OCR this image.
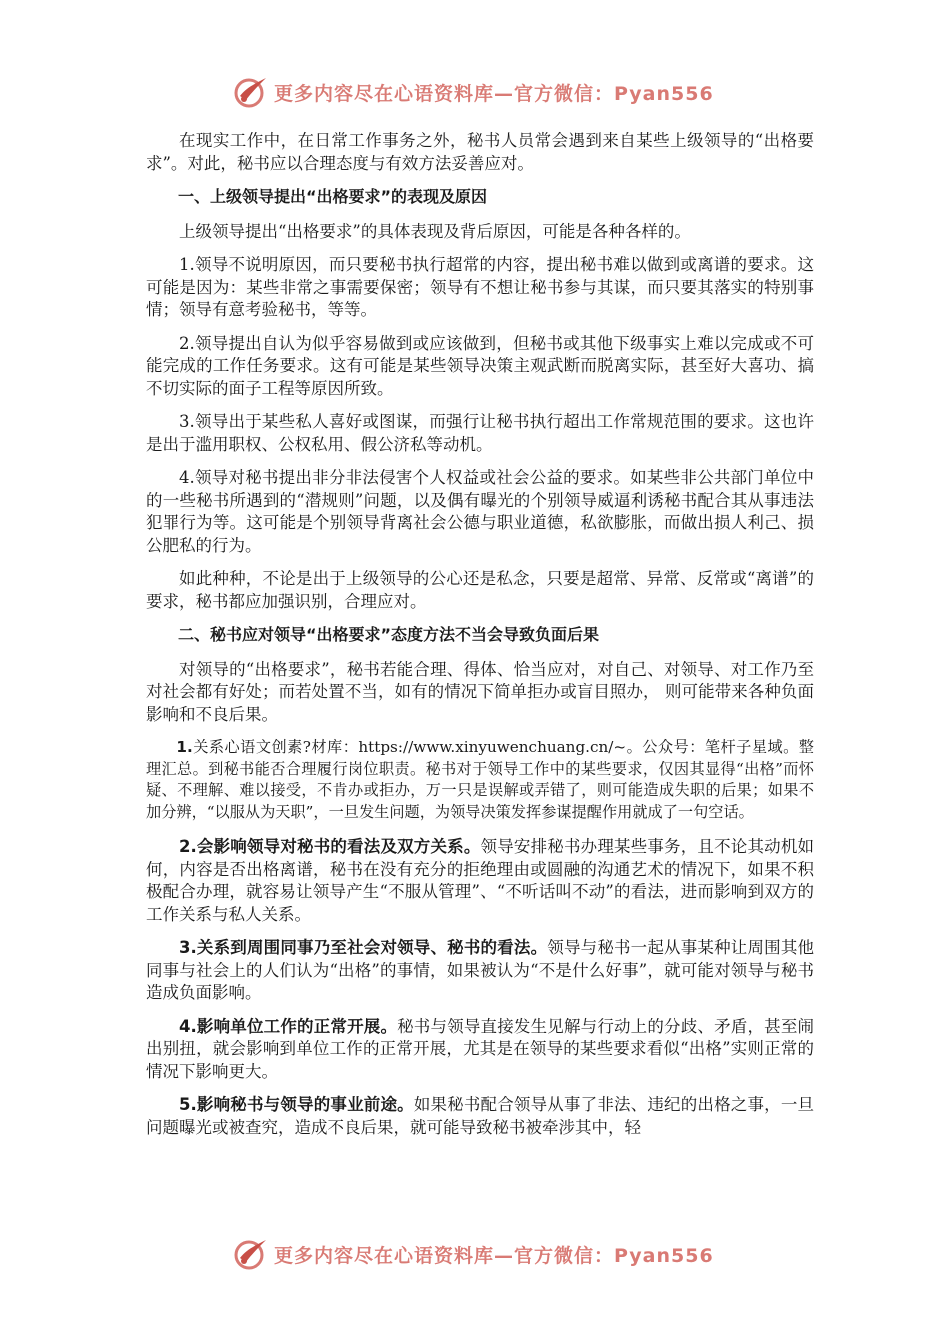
更多内容尽在心语资料库—官方微信：Pyan556

在现实工作中，在日常工作事务之外，秘书人员常会遇到来自某些上级领导的“出格要求”。对此，秘书应以合理态度与有效方法妥善应对。

一、上级领导提出“出格要求”的表现及原因

上级领导提出“出格要求”的具体表现及背后原因，可能是各种各样的。

1.领导不说明原因，而只要秘书执行超常的内容，提出秘书难以做到或离谱的要求。这可能是因为：某些非常之事需要保密；领导有不想让秘书参与其谋，而只要其落实的特别事情；领导有意考验秘书，等等。

2.领导提出自认为似乎容易做到或应该做到，但秘书或其他下级事实上难以完成或不可能完成的工作任务要求。这有可能是某些领导决策主观武断而脱离实际，甚至好大喜功、搞不切实际的面子工程等原因所致。

3.领导出于某些私人喜好或图谋，而强行让秘书执行超出工作常规范围的要求。这也许是出于滥用职权、公权私用、假公济私等动机。

4.领导对秘书提出非分非法侵害个人权益或社会公益的要求。如某些非公共部门单位中的一些秘书所遇到的“潜规则”问题，以及偶有曝光的个别领导威逼利诱秘书配合其从事违法犯罪行为等。这可能是个别领导背离社会公德与职业道德，私欲膨胀，而做出损人利己、损公肥私的行为。

如此种种，不论是出于上级领导的公心还是私念，只要是超常、异常、反常或“离谱”的要求，秘书都应加强识别，合理应对。

二、秘书应对领导“出格要求”态度方法不当会导致负面后果

对领导的“出格要求”，秘书若能合理、得体、恰当应对，对自己、对领导、对工作乃至对社会都有好处；而若处置不当，如有的情况下简单拒办或盲目照办， 则可能带来各种负面影响和不良后果。

1.关系心语文创素?材库：https://www.xinyuwenchuang.cn/~。公众号：笔杆子星域。整理汇总。到秘书能否合理履行岗位职责。秘书对于领导工作中的某些要求，仅因其显得“出格”而怀疑、不理解、难以接受，不肯办或拒办，万一只是误解或弄错了，则可能造成失职的后果；如果不加分辨，“以服从为天职”，一旦发生问题，为领导决策发挥参谋提醒作用就成了一句空话。

2.会影响领导对秘书的看法及双方关系。领导安排秘书办理某些事务，且不论其动机如何，内容是否出格离谱，秘书在没有充分的拒绝理由或圆融的沟通艺术的情况下，如果不积极配合办理，就容易让领导产生“不服从管理”、“不听话叫不动”的看法，进而影响到双方的工作关系与私人关系。

3.关系到周围同事乃至社会对领导、秘书的看法。领导与秘书一起从事某种让周围其他同事与社会上的人们认为“出格”的事情，如果被认为“不是什么好事”，就可能对领导与秘书造成负面影响。

4.影响单位工作的正常开展。秘书与领导直接发生见解与行动上的分歧、矛盾，甚至闹出别扭，就会影响到单位工作的正常开展，尤其是在领导的某些要求看似“出格”实则正常的情况下影响更大。

5.影响秘书与领导的事业前途。如果秘书配合领导从事了非法、违纪的出格之事，一旦问题曝光或被查究，造成不良后果，就可能导致秘书被牵涉其中，轻

更多内容尽在心语资料库—官方微信：Pyan556
